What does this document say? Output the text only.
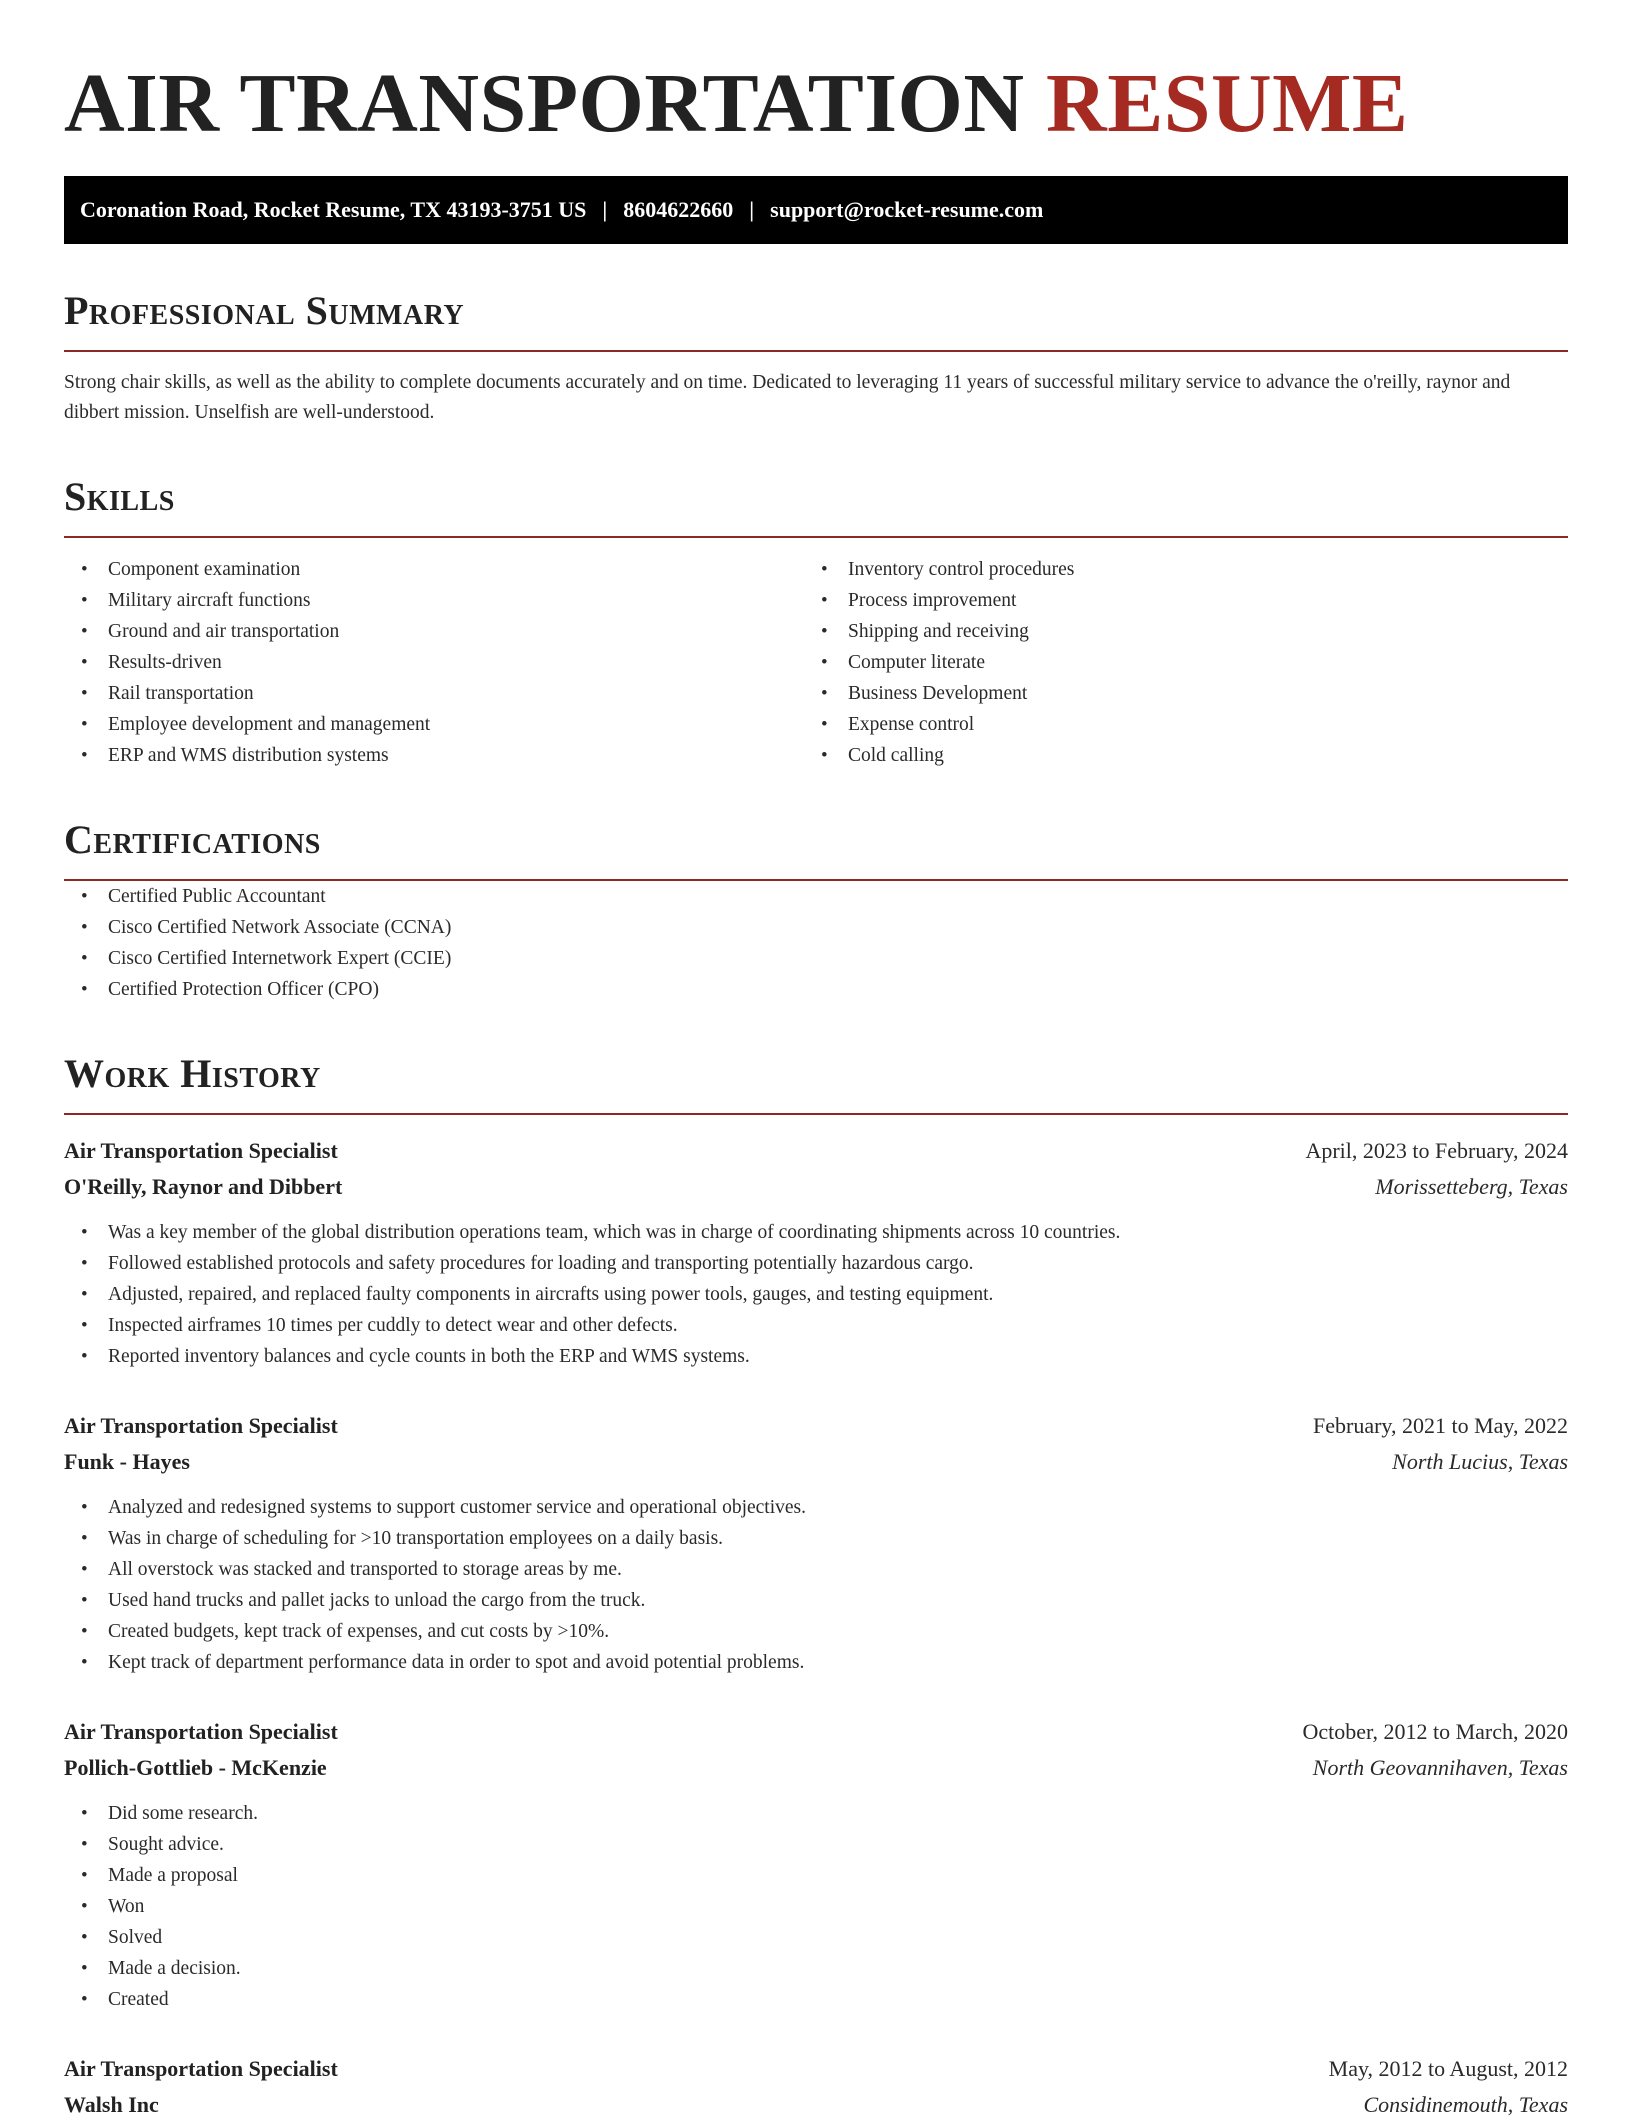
AIR TRANSPORTATION RESUME
Coronation Road, Rocket Resume, TX 43193-3751 US | 8604622660 | support@rocket-resume.com
Professional Summary

Strong chair skills, as well as the ability to complete documents accurately and on time. Dedicated to leveraging 11 years of successful military service to advance the o'reilly, raynor and dibbert mission. Unselfish are well-understood.

Skills
• Component examination
• Military aircraft functions
• Ground and air transportation
• Results-driven
• Rail transportation
• Employee development and management
• ERP and WMS distribution systems
• Inventory control procedures
• Process improvement
• Shipping and receiving
• Computer literate
• Business Development
• Expense control
• Cold calling
Certifications
• Certified Public Accountant
• Cisco Certified Network Associate (CCNA)
• Cisco Certified Internetwork Expert (CCIE)
• Certified Protection Officer (CPO)
Work History
Air Transportation Specialist	April, 2023 to February, 2024
O'Reilly, Raynor and Dibbert	Morissetteberg, Texas
• Was a key member of the global distribution operations team, which was in charge of coordinating shipments across 10 countries.
• Followed established protocols and safety procedures for loading and transporting potentially hazardous cargo.
• Adjusted, repaired, and replaced faulty components in aircrafts using power tools, gauges, and testing equipment.
• Inspected airframes 10 times per cuddly to detect wear and other defects.
• Reported inventory balances and cycle counts in both the ERP and WMS systems.
Air Transportation Specialist	February, 2021 to May, 2022
Funk - Hayes	North Lucius, Texas
• Analyzed and redesigned systems to support customer service and operational objectives.
• Was in charge of scheduling for >10 transportation employees on a daily basis.
• All overstock was stacked and transported to storage areas by me.
• Used hand trucks and pallet jacks to unload the cargo from the truck.
• Created budgets, kept track of expenses, and cut costs by >10%.
• Kept track of department performance data in order to spot and avoid potential problems.
Air Transportation Specialist	October, 2012 to March, 2020
Pollich-Gottlieb - McKenzie	North Geovannihaven, Texas
• Did some research.
• Sought advice.
• Made a proposal
• Won
• Solved
• Made a decision.
• Created
Air Transportation Specialist	May, 2012 to August, 2012
Walsh Inc	Considinemouth, Texas
